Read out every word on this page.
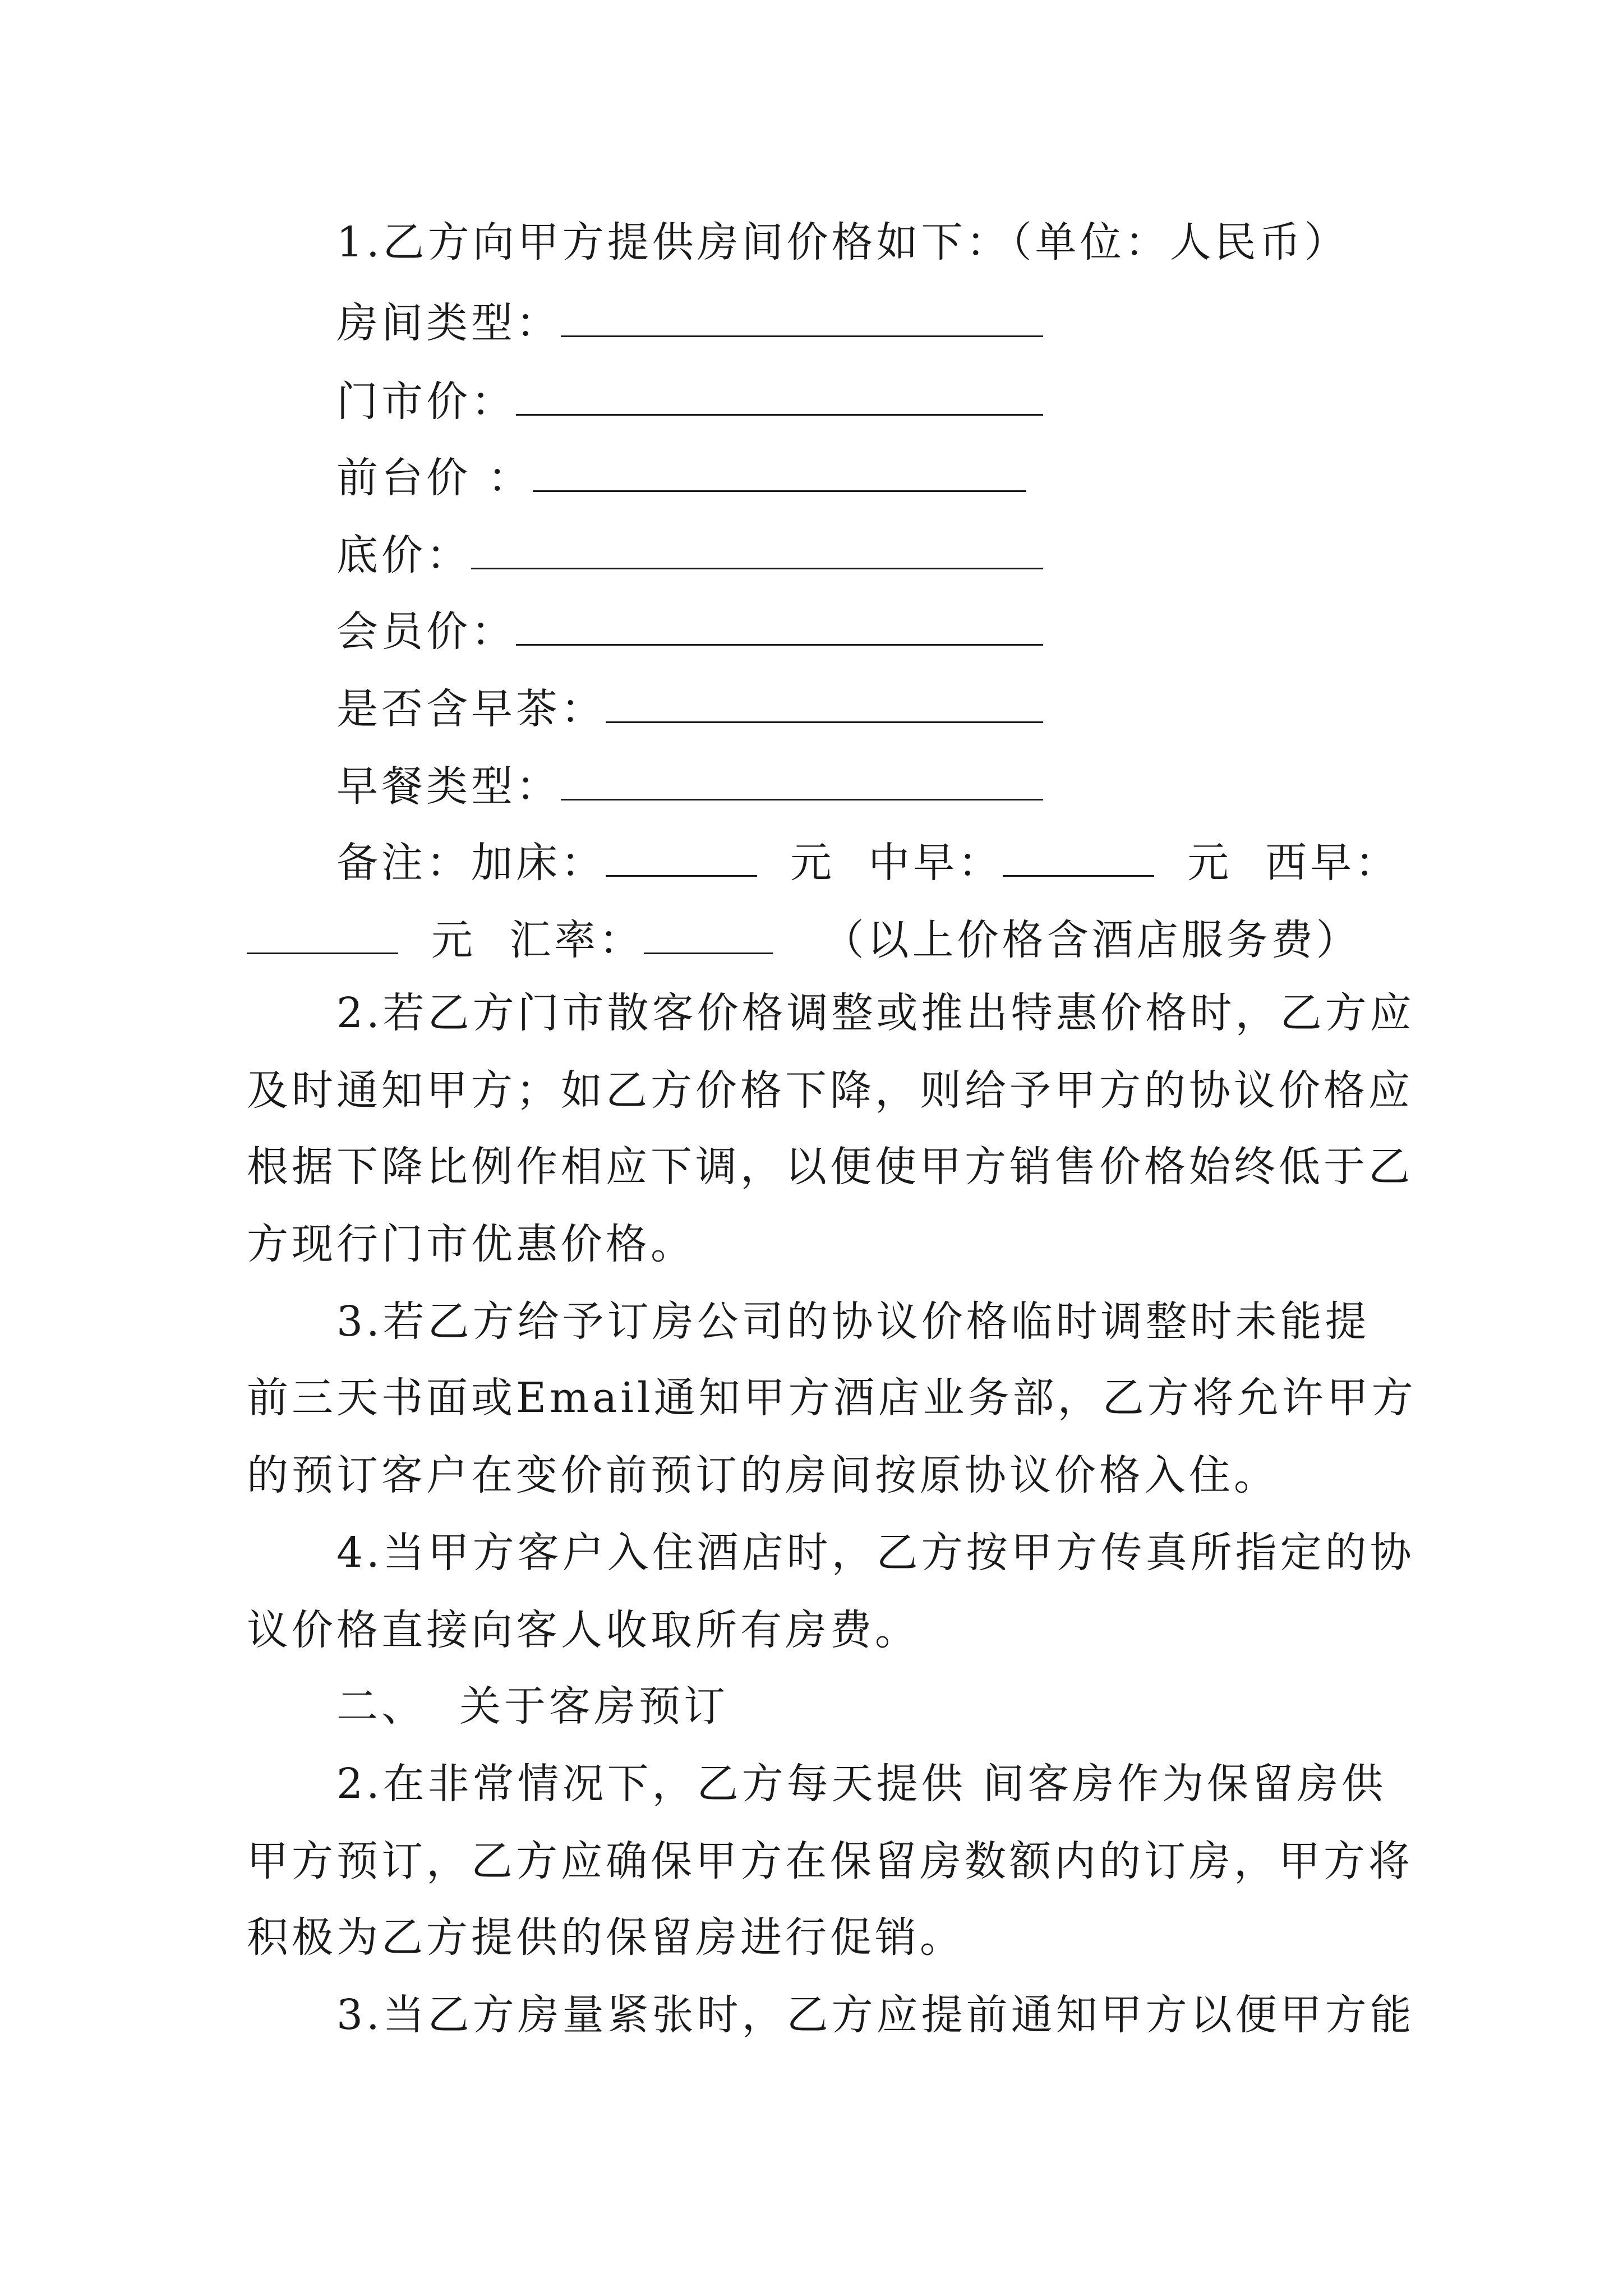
1.乙方向甲方提供房间价格如下：（单位：人民币）
房间类型：
门市价：
前台价 ：
底价：
会员价：
是否含早茶：
早餐类型：
备注：加床：	元 中早：	元 西早：
元 汇率：	（以上价格含酒店服务费）
2.若乙方门市散客价格调整或推出特惠价格时，乙方应
及时通知甲方；如乙方价格下降，则给予甲方的协议价格应
根据下降比例作相应下调，以便使甲方销售价格始终低于乙
方现行门市优惠价格。
3.若乙方给予订房公司的协议价格临时调整时未能提
前三天书面或Email通知甲方酒店业务部，乙方将允许甲方
的预订客户在变价前预订的房间按原协议价格入住。
4.当甲方客户入住酒店时，乙方按甲方传真所指定的协
议价格直接向客人收取所有房费。
二、 关于客房预订
2.在非常情况下，乙方每天提供 间客房作为保留房供
甲方预订，乙方应确保甲方在保留房数额内的订房，甲方将
积极为乙方提供的保留房进行促销。
3.当乙方房量紧张时，乙方应提前通知甲方以便甲方能
